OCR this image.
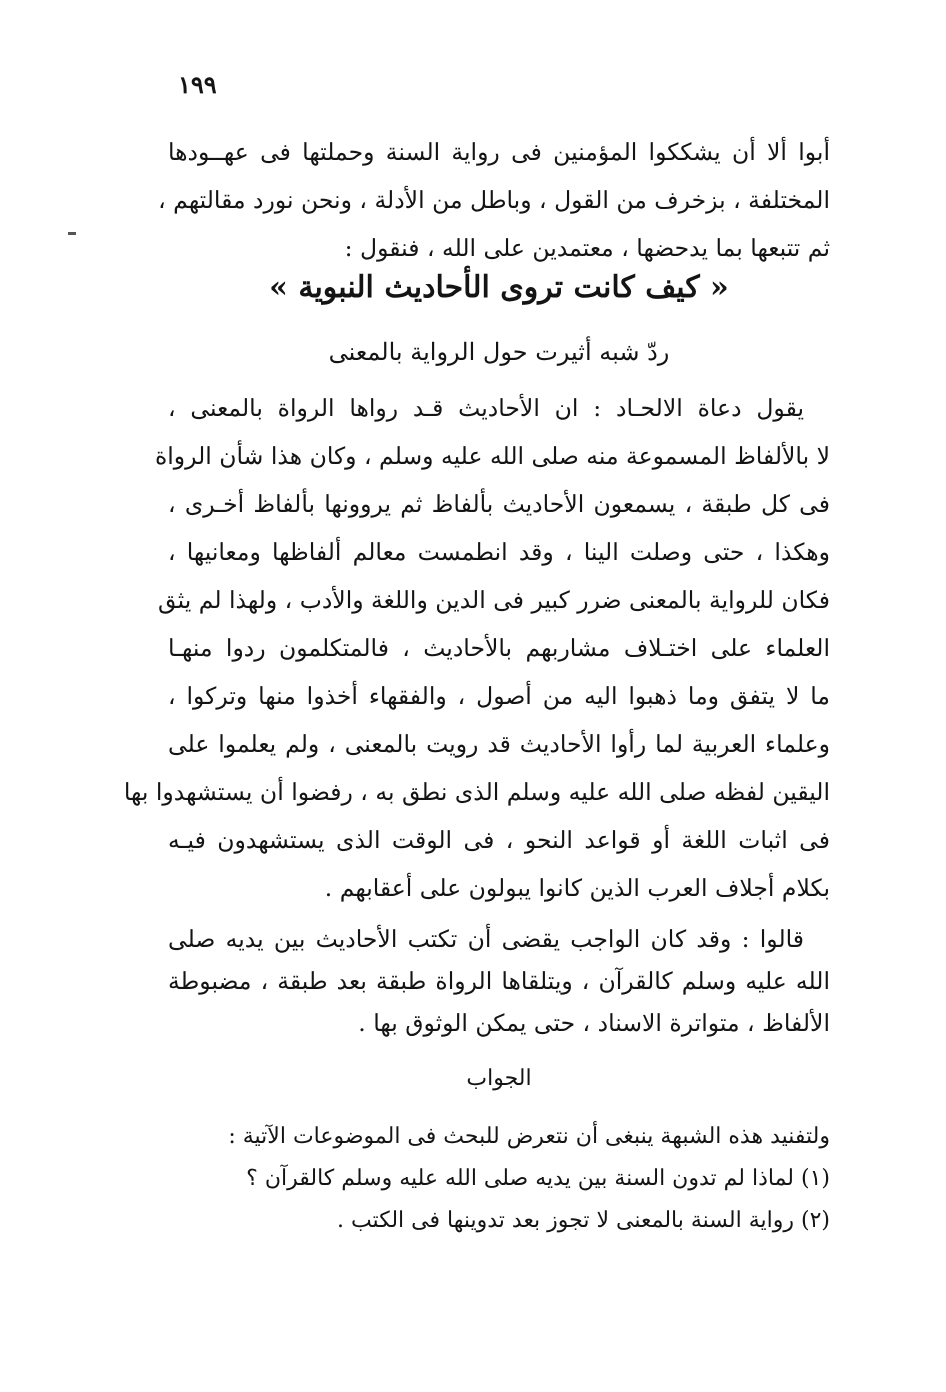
١٩٩
أبوا ألا أن يشككوا المؤمنين فى رواية السنة وحملتها فى عهــودها
المختلفة ، بزخرف من القول ، وباطل من الأدلة ، ونحن نورد مقالتهم ،
ثم تتبعها بما يدحضها ، معتمدين على الله ، فنقول :
« كيف كانت تروى الأحاديث النبوية »
ردّ شبه أثيرت حول الرواية بالمعنى
يقول دعاة الالحـاد : ان الأحاديث قـد رواها الرواة بالمعنى ،
لا بالألفاظ المسموعة منه صلى الله عليه وسلم ، وكان هذا شأن الرواة
فى كل طبقة ، يسمعون الأحاديث بألفاظ ثم يروونها بألفاظ أخـرى ،
وهكذا ، حتى وصلت الينا ، وقد انطمست معالم ألفاظها ومعانيها ،
فكان للرواية بالمعنى ضرر كبير فى الدين واللغة والأدب ، ولهذا لم يثق
العلماء على اختـلاف مشاربهم بالأحاديث ، فالمتكلمون ردوا منهـا
ما لا يتفق وما ذهبوا اليه من أصول ، والفقهاء أخذوا منها وتركوا ،
وعلماء العربية لما رأوا الأحاديث قد رويت بالمعنى ، ولم يعلموا على
اليقين لفظه صلى الله عليه وسلم الذى نطق به ، رفضوا أن يستشهدوا بها
فى اثبات اللغة أو قواعد النحو ، فى الوقت الذى يستشهدون فيـه
بكلام أجلاف العرب الذين كانوا يبولون على أعقابهم .
قالوا : وقد كان الواجب يقضى أن تكتب الأحاديث بين يديه صلى
الله عليه وسلم كالقرآن ، ويتلقاها الرواة طبقة بعد طبقة ، مضبوطة
الألفاظ ، متواترة الاسناد ، حتى يمكن الوثوق بها .
الجواب
ولتفنيد هذه الشبهة ينبغى أن نتعرض للبحث فى الموضوعات الآتية :
(١) لماذا لم تدون السنة بين يديه صلى الله عليه وسلم كالقرآن ؟
(٢) رواية السنة بالمعنى لا تجوز بعد تدوينها فى الكتب .
